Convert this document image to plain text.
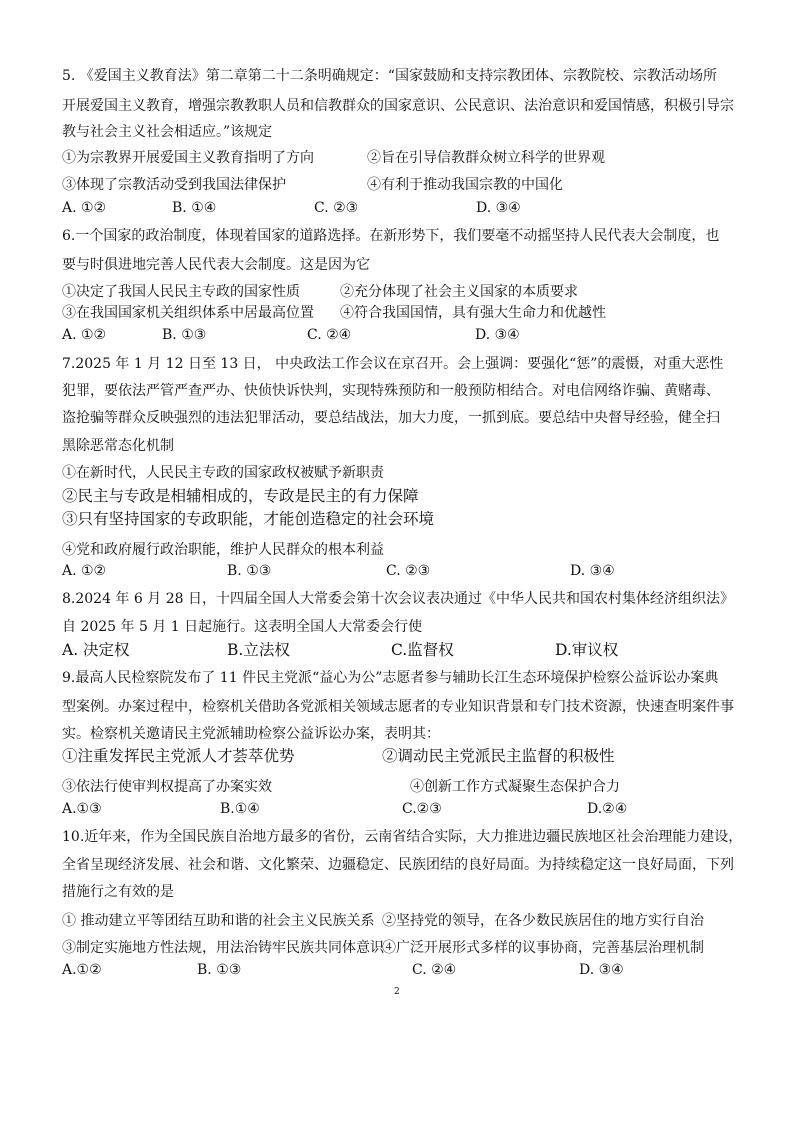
5. 《爱国主义教育法》第二章第二十二条明确规定：“国家鼓励和支持宗教团体、宗教院校、宗教活动场所
开展爱国主义教育，增强宗教教职人员和信教群众的国家意识、公民意识、法治意识和爱国情感，积极引导宗
教与社会主义社会相适应。”该规定
①为宗教界开展爱国主义教育指明了方向	②旨在引导信教群众树立科学的世界观
③体现了宗教活动受到我国法律保护	④有利于推动我国宗教的中国化
A. ①②	B. ①④	C. ②③	D. ③④
6.一个国家的政治制度，体现着国家的道路选择。在新形势下，我们要毫不动摇坚持人民代表大会制度，也
要与时俱进地完善人民代表大会制度。这是因为它
①决定了我国人民民主专政的国家性质	②充分体现了社会主义国家的本质要求
③在我国国家机关组织体系中居最高位置 ④符合我国国情，具有强大生命力和优越性
A. ①②	B. ①③	C. ②④	D. ③④
7.2025 年 1 月 12 日至 13 日， 中央政法工作会议在京召开。会上强调：要强化“惩”的震慑，对重大恶性
犯罪，要依法严管严查严办、快侦快诉快判，实现特殊预防和一般预防相结合。对电信网络诈骗、黄赌毒、
盗抢骗等群众反映强烈的违法犯罪活动，要总结战法，加大力度，一抓到底。要总结中央督导经验，健全扫
黑除恶常态化机制
①在新时代，人民民主专政的国家政权被赋予新职责
②民主与专政是相辅相成的，专政是民主的有力保障
③只有坚持国家的专政职能，才能创造稳定的社会环境
④党和政府履行政治职能，维护人民群众的根本利益
A. ①②	B. ①③	C. ②③	D. ③④
8.2024 年 6 月 28 日，十四届全国人大常委会第十次会议表决通过《中华人民共和国农村集体经济组织法》
自 2025 年 5 月 1 日起施行。这表明全国人大常委会行使
A. 决定权	B.立法权	C.监督权	D.审议权
9.最高人民检察院发布了 11 件民主党派“益心为公”志愿者参与辅助长江生态环境保护检察公益诉讼办案典
型案例。办案过程中，检察机关借助各党派相关领域志愿者的专业知识背景和专门技术资源，快速查明案件事
实。检察机关邀请民主党派辅助检察公益诉讼办案，表明其：
①注重发挥民主党派人才荟萃优势	②调动民主党派民主监督的积极性
③依法行使审判权提高了办案实效	④创新工作方式凝聚生态保护合力
A.①③	B.①④	C.②③	D.②④
10.近年来，作为全国民族自治地方最多的省份，云南省结合实际，大力推进边疆民族地区社会治理能力建设，
全省呈现经济发展、社会和谐、文化繁荣、边疆稳定、民族团结的良好局面。为持续稳定这一良好局面，下列
措施行之有效的是
① 推动建立平等团结互助和谐的社会主义民族关系 ②坚持党的领导，在各少数民族居住的地方实行自治
③制定实施地方性法规，用法治铸牢民族共同体意识
④广泛开展形式多样的议事协商，完善基层治理机制
A.①②	B. ①③	C. ②④	D. ③④
2
